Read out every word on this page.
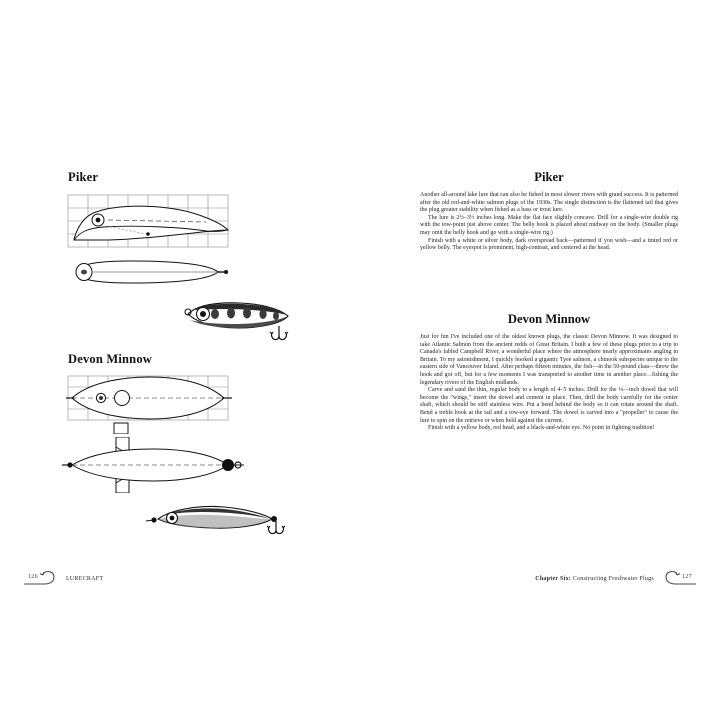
Piker
Devon Minnow
126	LURECRAFT
Piker

Another all-around lake lure that can also be fished in most slower rivers with grand success. It is patterned after the old red-and-white salmon plugs of the 1930s. The single distinction is the flattened tail that gives the plug greater stability when fished as a bass or trout lure.

The lure is 2½–3½ inches long. Make the flat face slightly concave. Drill for a single-wire double rig with the tow-point just above center. The belly hook is placed about midway on the body. (Smaller plugs may omit the belly hook and go with a single-wire rig.)

Finish with a white or silver body, dark overspread back—patterned if you wish—and a tinted red or yellow belly. The eyespot is prominent, high-contrast, and centered at the head.

Devon Minnow

Just for fun I've included one of the oldest known plugs, the classic Devon Minnow. It was designed to take Atlantic Salmon from the ancient redds of Great Britain. I built a few of these plugs prior to a trip to Canada's fabled Campbell River, a wonderful place where the atmosphere nearly approximates angling in Britain. To my astonishment, I quickly hooked a gigantic Tyee salmon, a chinook subspecies unique to the eastern side of Vancouver Island. After perhaps fifteen minutes, the fish—in the 50-pound class—threw the hook and got off, but for a few moments I was transported to another time in another place…fishing the legendary rivers of the English midlands.

Carve and sand the thin, regular body to a length of 4–5 inches. Drill for the ¼—inch dowel that will become the "wings," insert the dowel and cement in place. Then, drill the body carefully for the center shaft, which should be stiff stainless wire. Put a bend behind the body so it can rotate around the shaft. Bend a treble hook at the tail and a tow-eye forward. The dowel is carved into a "propeller" to cause the lure to spin on the retrieve or when held against the current.

Finish with a yellow body, red head, and a black-and-white eye. No point in fighting tradition!

Chapter Six: Constructing Freshwater Plugs	127
